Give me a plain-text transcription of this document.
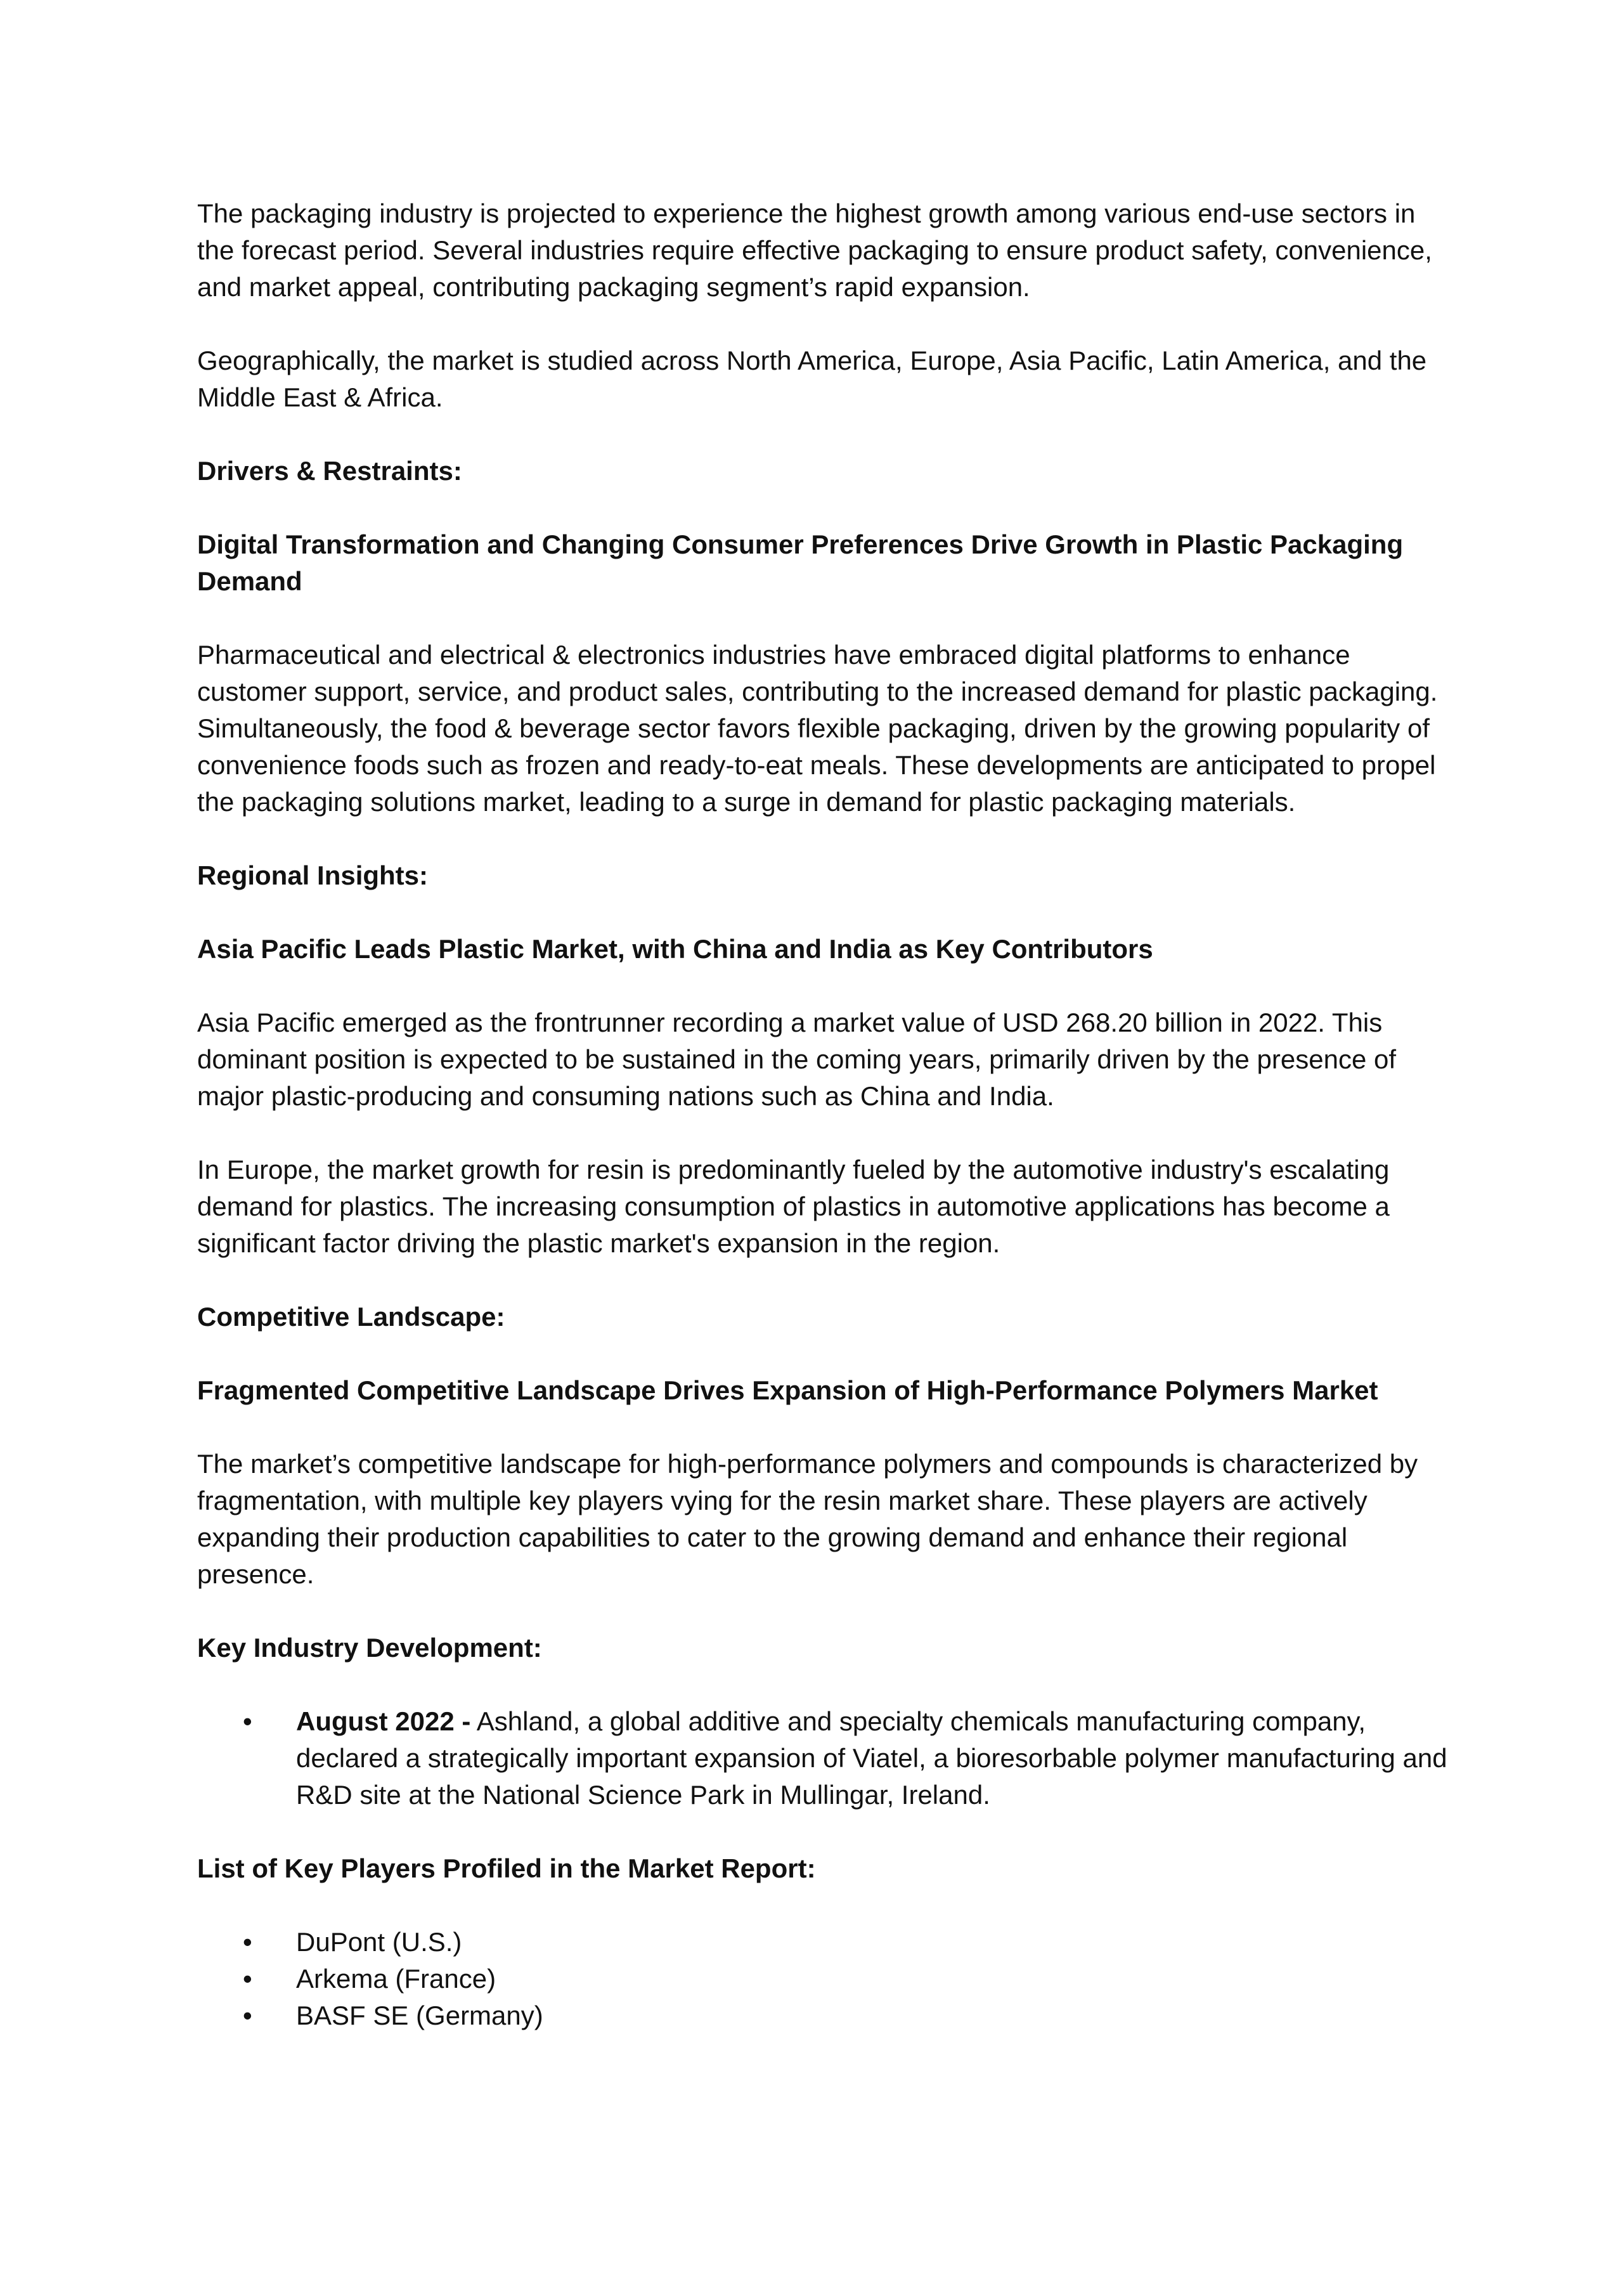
The packaging industry is projected to experience the highest growth among various end-use sectors in the forecast period. Several industries require effective packaging to ensure product safety, convenience, and market appeal, contributing packaging segment’s rapid expansion.

Geographically, the market is studied across North America, Europe, Asia Pacific, Latin America, and the Middle East & Africa.

Drivers & Restraints:

Digital Transformation and Changing Consumer Preferences Drive Growth in Plastic Packaging Demand

Pharmaceutical and electrical & electronics industries have embraced digital platforms to enhance customer support, service, and product sales, contributing to the increased demand for plastic packaging. Simultaneously, the food & beverage sector favors flexible packaging, driven by the growing popularity of convenience foods such as frozen and ready-to-eat meals. These developments are anticipated to propel the packaging solutions market, leading to a surge in demand for plastic packaging materials.

Regional Insights:

Asia Pacific Leads Plastic Market, with China and India as Key Contributors

Asia Pacific emerged as the frontrunner recording a market value of USD 268.20 billion in 2022. This dominant position is expected to be sustained in the coming years, primarily driven by the presence of major plastic-producing and consuming nations such as China and India.

In Europe, the market growth for resin is predominantly fueled by the automotive industry's escalating demand for plastics. The increasing consumption of plastics in automotive applications has become a significant factor driving the plastic market's expansion in the region.

Competitive Landscape:

Fragmented Competitive Landscape Drives Expansion of High-Performance Polymers Market

The market’s competitive landscape for high-performance polymers and compounds is characterized by fragmentation, with multiple key players vying for the resin market share. These players are actively expanding their production capabilities to cater to the growing demand and enhance their regional presence.

Key Industry Development:

• August 2022 - Ashland, a global additive and specialty chemicals manufacturing company, declared a strategically important expansion of Viatel, a bioresorbable polymer manufacturing and R&D site at the National Science Park in Mullingar, Ireland.

List of Key Players Profiled in the Market Report:

• DuPont (U.S.)
• Arkema (France)
• BASF SE (Germany)
